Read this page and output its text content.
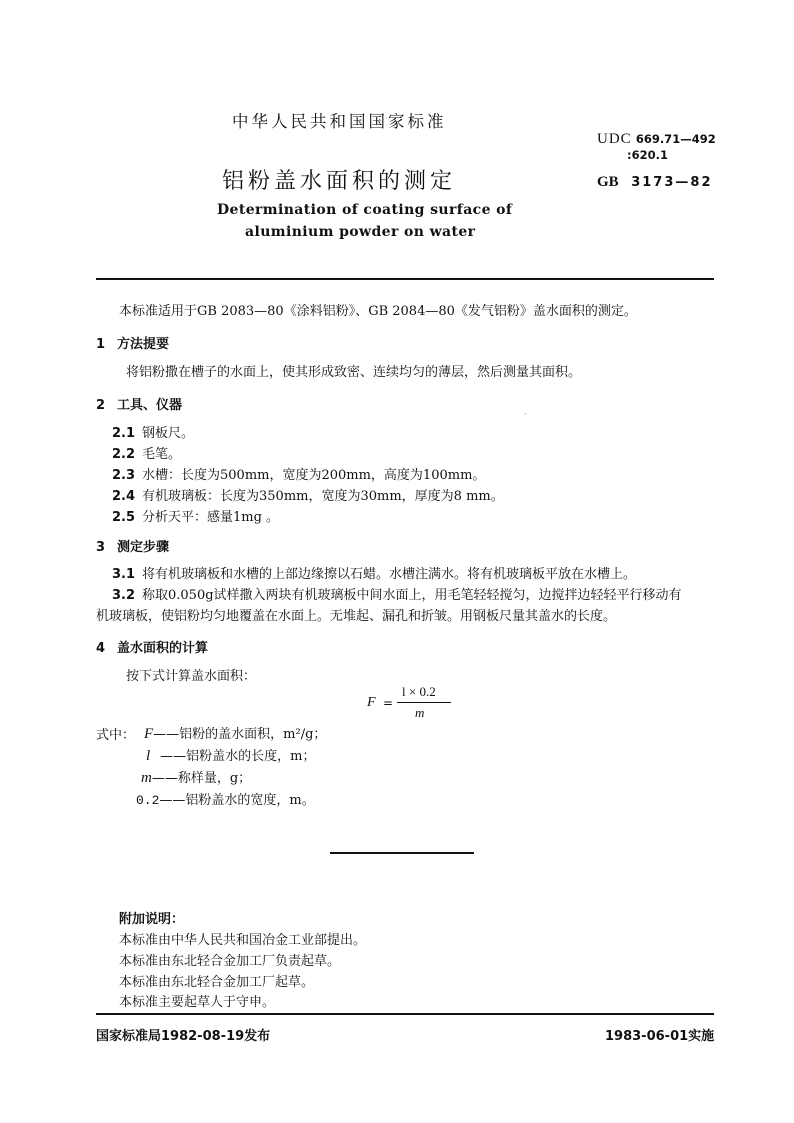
中华人民共和国国家标准
UDC 669.71—492
:620.1
铝粉盖水面积的测定	GB 3173—82
Determination of coating surface of
aluminium powder on water
本标准适用于GB 2083—80《涂料铝粉》、GB 2084—80《发气铝粉》盖水面积的测定。
1 方法提要
将铝粉撒在槽子的水面上，使其形成致密、连续均匀的薄层，然后测量其面积。
2 工具、仪器
·
2.1 钢板尺。
2.2 毛笔。
2.3 水槽：长度为500mm，宽度为200mm，高度为100mm。
2.4 有机玻璃板：长度为350mm，宽度为30mm，厚度为8 mm。
2.5 分析天平：感量1mg 。
3 测定步骤
3.1 将有机玻璃板和水槽的上部边缘擦以石蜡。水槽注满水。将有机玻璃板平放在水槽上。
3.2 称取0.050g试样撒入两块有机玻璃板中间水面上，用毛笔轻轻搅匀，边搅拌边轻轻平行移动有
机玻璃板，使铝粉均匀地覆盖在水面上。无堆起、漏孔和折皱。用钢板尺量其盖水的长度。
4 盖水面积的计算
按下式计算盖水面积：
F =
l × 0.2
m
式中： F——铝粉的盖水面积，m²/g；
l ——铝粉盖水的长度，m；
m——称样量，g；
0.2——铝粉盖水的宽度，m。
附加说明：
本标准由中华人民共和国冶金工业部提出。
本标准由东北轻合金加工厂负责起草。
本标准由东北轻合金加工厂起草。
本标准主要起草人于守申。
国家标准局1982-08-19发布	1983-06-01实施
